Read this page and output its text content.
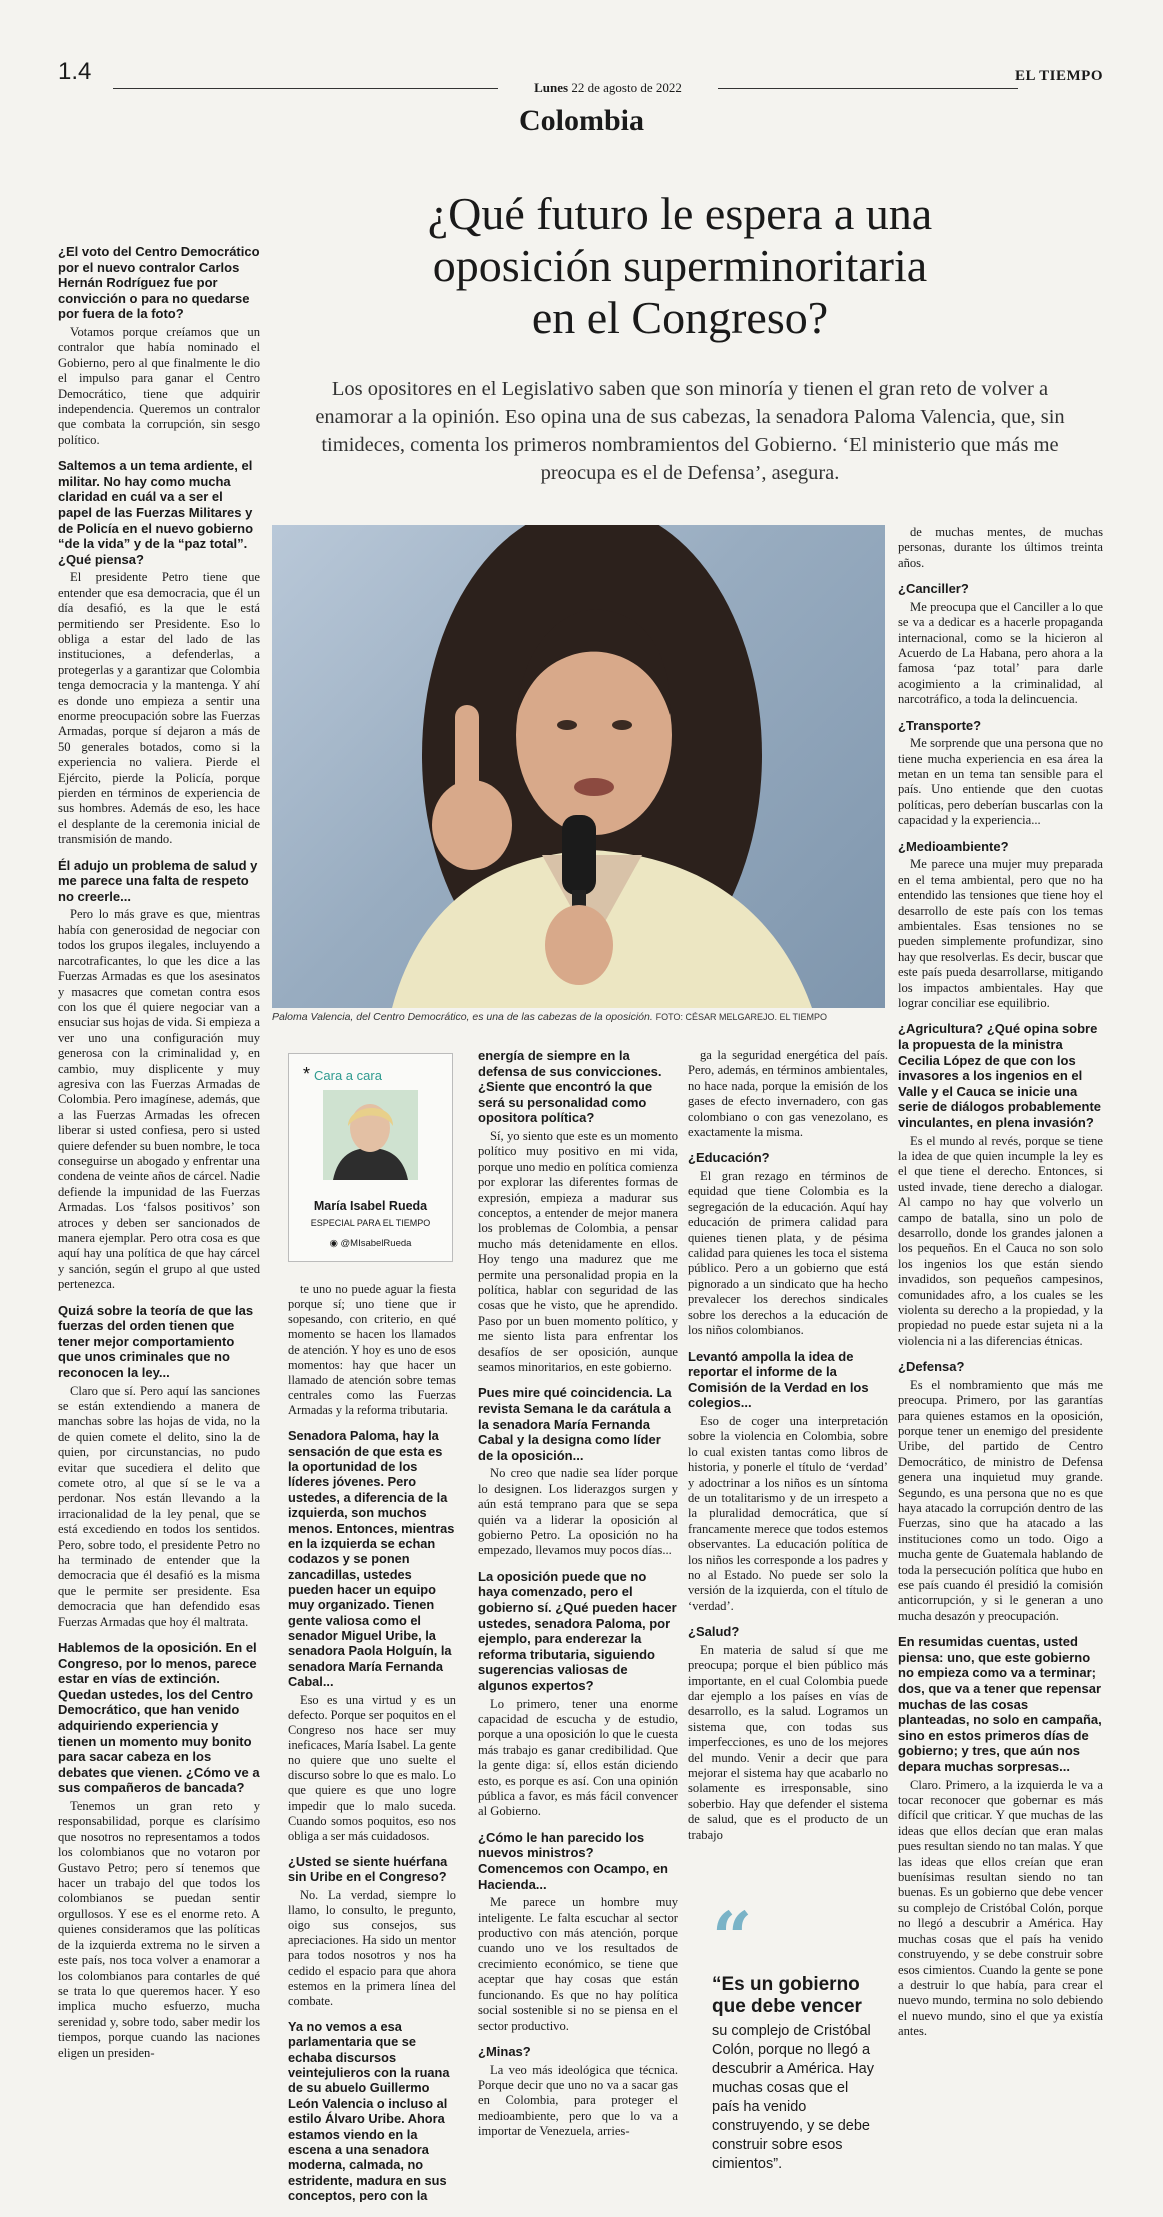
1.4
Lunes 22 de agosto de 2022
EL TIEMPO
Colombia
¿Qué futuro le espera a una
oposición superminoritaria
en el Congreso?
Los opositores en el Legislativo saben que son minoría y tienen el gran reto de volver a enamorar a la opinión. Eso opina una de sus cabezas, la senadora Paloma Valencia, que, sin timideces, comenta los primeros nombramientos del Gobierno. ‘El ministerio que más me preocupa es el de Defensa’, asegura.
Paloma Valencia, del Centro Democrático, es una de las cabezas de la oposición. FOTO: CÉSAR MELGAREJO. EL TIEMPO
* Cara a cara
María Isabel Rueda
ESPECIAL PARA EL TIEMPO
◉ @MIsabelRueda
“
“Es un gobierno que debe vencer
su complejo de Cristóbal Colón, porque no llegó a descubrir a América. Hay muchas cosas que el país ha venido construyendo, y se debe construir sobre esos cimientos”.

¿El voto del Centro Democrático por el nuevo contralor Carlos Hernán Rodríguez fue por convicción o para no quedarse por fuera de la foto?

Votamos porque creíamos que un contralor que había nominado el Gobierno, pero al que finalmente le dio el impulso para ganar el Centro Democrático, tiene que adquirir independencia. Queremos un contralor que combata la corrupción, sin sesgo político.

Saltemos a un tema ardiente, el militar. No hay como mucha claridad en cuál va a ser el papel de las Fuerzas Militares y de Policía en el nuevo gobierno “de la vida” y de la “paz total”. ¿Qué piensa?

El presidente Petro tiene que entender que esa democracia, que él un día desafió, es la que le está permitiendo ser Presidente. Eso lo obliga a estar del lado de las instituciones, a defenderlas, a protegerlas y a garantizar que Colombia tenga democracia y la mantenga. Y ahí es donde uno empieza a sentir una enorme preocupación sobre las Fuerzas Armadas, porque sí dejaron a más de 50 generales botados, como si la experiencia no valiera. Pierde el Ejército, pierde la Policía, porque pierden en términos de experiencia de sus hombres. Además de eso, les hace el desplante de la ceremonia inicial de transmisión de mando.

Él adujo un problema de salud y me parece una falta de respeto no creerle...

Pero lo más grave es que, mientras había con generosidad de negociar con todos los grupos ilegales, incluyendo a narcotraficantes, lo que les dice a las Fuerzas Armadas es que los asesinatos y masacres que cometan contra esos con los que él quiere negociar van a ensuciar sus hojas de vida. Si empieza a ver uno una configuración muy generosa con la criminalidad y, en cambio, muy displicente y muy agresiva con las Fuerzas Armadas de Colombia. Pero imagínese, además, que a las Fuerzas Armadas les ofrecen liberar si usted confiesa, pero si usted quiere defender su buen nombre, le toca conseguirse un abogado y enfrentar una condena de veinte años de cárcel. Nadie defiende la impunidad de las Fuerzas Armadas. Los ‘falsos positivos’ son atroces y deben ser sancionados de manera ejemplar. Pero otra cosa es que aquí hay una política de que hay cárcel y sanción, según el grupo al que usted pertenezca.

Quizá sobre la teoría de que las fuerzas del orden tienen que tener mejor comportamiento que unos criminales que no reconocen la ley...

Claro que sí. Pero aquí las sanciones se están extendiendo a manera de manchas sobre las hojas de vida, no la de quien comete el delito, sino la de quien, por circunstancias, no pudo evitar que sucediera el delito que comete otro, al que sí se le va a perdonar. Nos están llevando a la irracionalidad de la ley penal, que se está excediendo en todos los sentidos. Pero, sobre todo, el presidente Petro no ha terminado de entender que la democracia que él desafió es la misma que le permite ser presidente. Esa democracia que han defendido esas Fuerzas Armadas que hoy él maltrata.

Hablemos de la oposición. En el Congreso, por lo menos, parece estar en vías de extinción. Quedan ustedes, los del Centro Democrático, que han venido adquiriendo experiencia y tienen un momento muy bonito para sacar cabeza en los debates que vienen. ¿Cómo ve a sus compañeros de bancada?

Tenemos un gran reto y responsabilidad, porque es clarísimo que nosotros no representamos a todos los colombianos que no votaron por Gustavo Petro; pero sí tenemos que hacer un trabajo del que todos los colombianos se puedan sentir orgullosos. Y ese es el enorme reto. A quienes consideramos que las políticas de la izquierda extrema no le sirven a este país, nos toca volver a enamorar a los colombianos para contarles de qué se trata lo que queremos hacer. Y eso implica mucho esfuerzo, mucha serenidad y, sobre todo, saber medir los tiempos, porque cuando las naciones eligen un presiden-

te uno no puede aguar la fiesta porque sí; uno tiene que ir sopesando, con criterio, en qué momento se hacen los llamados de atención. Y hoy es uno de esos momentos: hay que hacer un llamado de atención sobre temas centrales como las Fuerzas Armadas y la reforma tributaria.

Senadora Paloma, hay la sensación de que esta es la oportunidad de los líderes jóvenes. Pero ustedes, a diferencia de la izquierda, son muchos menos. Entonces, mientras en la izquierda se echan codazos y se ponen zancadillas, ustedes pueden hacer un equipo muy organizado. Tienen gente valiosa como el senador Miguel Uribe, la senadora Paola Holguín, la senadora María Fernanda Cabal...

Eso es una virtud y es un defecto. Porque ser poquitos en el Congreso nos hace ser muy ineficaces, María Isabel. La gente no quiere que uno suelte el discurso sobre lo que es malo. Lo que quiere es que uno logre impedir que lo malo suceda. Cuando somos poquitos, eso nos obliga a ser más cuidadosos.

¿Usted se siente huérfana sin Uribe en el Congreso?

No. La verdad, siempre lo llamo, lo consulto, le pregunto, oigo sus consejos, sus apreciaciones. Ha sido un mentor para todos nosotros y nos ha cedido el espacio para que ahora estemos en la primera línea del combate.

Ya no vemos a esa parlamentaria que se echaba discursos veintejulieros con la ruana de su abuelo Guillermo León Valencia o incluso al estilo Álvaro Uribe. Ahora estamos viendo en la escena a una senadora moderna, calmada, no estridente, madura en sus conceptos, pero con la

energía de siempre en la defensa de sus convicciones. ¿Siente que encontró la que será su personalidad como opositora política?

Sí, yo siento que este es un momento político muy positivo en mi vida, porque uno medio en política comienza por explorar las diferentes formas de expresión, empieza a madurar sus conceptos, a entender de mejor manera los problemas de Colombia, a pensar mucho más detenidamente en ellos. Hoy tengo una madurez que me permite una personalidad propia en la política, hablar con seguridad de las cosas que he visto, que he aprendido. Paso por un buen momento político, y me siento lista para enfrentar los desafíos de ser oposición, aunque seamos minoritarios, en este gobierno.

Pues mire qué coincidencia. La revista Semana le da carátula a la senadora María Fernanda Cabal y la designa como líder de la oposición...

No creo que nadie sea líder porque lo designen. Los liderazgos surgen y aún está temprano para que se sepa quién va a liderar la oposición al gobierno Petro. La oposición no ha empezado, llevamos muy pocos días...

La oposición puede que no haya comenzado, pero el gobierno sí. ¿Qué pueden hacer ustedes, senadora Paloma, por ejemplo, para enderezar la reforma tributaria, siguiendo sugerencias valiosas de algunos expertos?

Lo primero, tener una enorme capacidad de escucha y de estudio, porque a una oposición lo que le cuesta más trabajo es ganar credibilidad. Que la gente diga: sí, ellos están diciendo esto, es porque es así. Con una opinión pública a favor, es más fácil convencer al Gobierno.

¿Cómo le han parecido los nuevos ministros? Comencemos con Ocampo, en Hacienda...

Me parece un hombre muy inteligente. Le falta escuchar al sector productivo con más atención, porque cuando uno ve los resultados de crecimiento económico, se tiene que aceptar que hay cosas que están funcionando. Es que no hay política social sostenible si no se piensa en el sector productivo.

¿Minas?

La veo más ideológica que técnica. Porque decir que uno no va a sacar gas en Colombia, para proteger el medioambiente, pero que lo va a importar de Venezuela, arries-

ga la seguridad energética del país. Pero, además, en términos ambientales, no hace nada, porque la emisión de los gases de efecto invernadero, con gas colombiano o con gas venezolano, es exactamente la misma.

¿Educación?

El gran rezago en términos de equidad que tiene Colombia es la segregación de la educación. Aquí hay educación de primera calidad para quienes tienen plata, y de pésima calidad para quienes les toca el sistema público. Pero a un gobierno que está pignorado a un sindicato que ha hecho prevalecer los derechos sindicales sobre los derechos a la educación de los niños colombianos.

Levantó ampolla la idea de reportar el informe de la Comisión de la Verdad en los colegios...

Eso de coger una interpretación sobre la violencia en Colombia, sobre lo cual existen tantas como libros de historia, y ponerle el título de ‘verdad’ y adoctrinar a los niños es un síntoma de un totalitarismo y de un irrespeto a la pluralidad democrática, que sí francamente merece que todos estemos observantes. La educación política de los niños les corresponde a los padres y no al Estado. No puede ser solo la versión de la izquierda, con el título de ‘verdad’.

¿Salud?

En materia de salud sí que me preocupa; porque el bien público más importante, en el cual Colombia puede dar ejemplo a los países en vías de desarrollo, es la salud. Logramos un sistema que, con todas sus imperfecciones, es uno de los mejores del mundo. Venir a decir que para mejorar el sistema hay que acabarlo no solamente es irresponsable, sino soberbio. Hay que defender el sistema de salud, que es el producto de un trabajo

de muchas mentes, de muchas personas, durante los últimos treinta años.

¿Canciller?

Me preocupa que el Canciller a lo que se va a dedicar es a hacerle propaganda internacional, como se la hicieron al Acuerdo de La Habana, pero ahora a la famosa ‘paz total’ para darle acogimiento a la criminalidad, al narcotráfico, a toda la delincuencia.

¿Transporte?

Me sorprende que una persona que no tiene mucha experiencia en esa área la metan en un tema tan sensible para el país. Uno entiende que den cuotas políticas, pero deberían buscarlas con la capacidad y la experiencia...

¿Medioambiente?

Me parece una mujer muy preparada en el tema ambiental, pero que no ha entendido las tensiones que tiene hoy el desarrollo de este país con los temas ambientales. Esas tensiones no se pueden simplemente profundizar, sino hay que resolverlas. Es decir, buscar que este país pueda desarrollarse, mitigando los impactos ambientales. Hay que lograr conciliar ese equilibrio.

¿Agricultura? ¿Qué opina sobre la propuesta de la ministra Cecilia López de que con los invasores a los ingenios en el Valle y el Cauca se inicie una serie de diálogos probablemente vinculantes, en plena invasión?

Es el mundo al revés, porque se tiene la idea de que quien incumple la ley es el que tiene el derecho. Entonces, si usted invade, tiene derecho a dialogar. Al campo no hay que volverlo un campo de batalla, sino un polo de desarrollo, donde los grandes jalonen a los pequeños. En el Cauca no son solo los ingenios los que están siendo invadidos, son pequeños campesinos, comunidades afro, a los cuales se les violenta su derecho a la propiedad, y la propiedad no puede estar sujeta ni a la violencia ni a las diferencias étnicas.

¿Defensa?

Es el nombramiento que más me preocupa. Primero, por las garantías para quienes estamos en la oposición, porque tener un enemigo del presidente Uribe, del partido de Centro Democrático, de ministro de Defensa genera una inquietud muy grande. Segundo, es una persona que no es que haya atacado la corrupción dentro de las Fuerzas, sino que ha atacado a las instituciones como un todo. Oigo a mucha gente de Guatemala hablando de toda la persecución política que hubo en ese país cuando él presidió la comisión anticorrupción, y si le generan a uno mucha desazón y preocupación.

En resumidas cuentas, usted piensa: uno, que este gobierno no empieza como va a terminar; dos, que va a tener que repensar muchas de las cosas planteadas, no solo en campaña, sino en estos primeros días de gobierno; y tres, que aún nos depara muchas sorpresas...

Claro. Primero, a la izquierda le va a tocar reconocer que gobernar es más difícil que criticar. Y que muchas de las ideas que ellos decían que eran malas pues resultan siendo no tan malas. Y que las ideas que ellos creían que eran buenísimas resultan siendo no tan buenas. Es un gobierno que debe vencer su complejo de Cristóbal Colón, porque no llegó a descubrir a América. Hay muchas cosas que el país ha venido construyendo, y se debe construir sobre esos cimientos. Cuando la gente se pone a destruir lo que había, para crear el nuevo mundo, termina no solo debiendo el nuevo mundo, sino el que ya existía antes.
